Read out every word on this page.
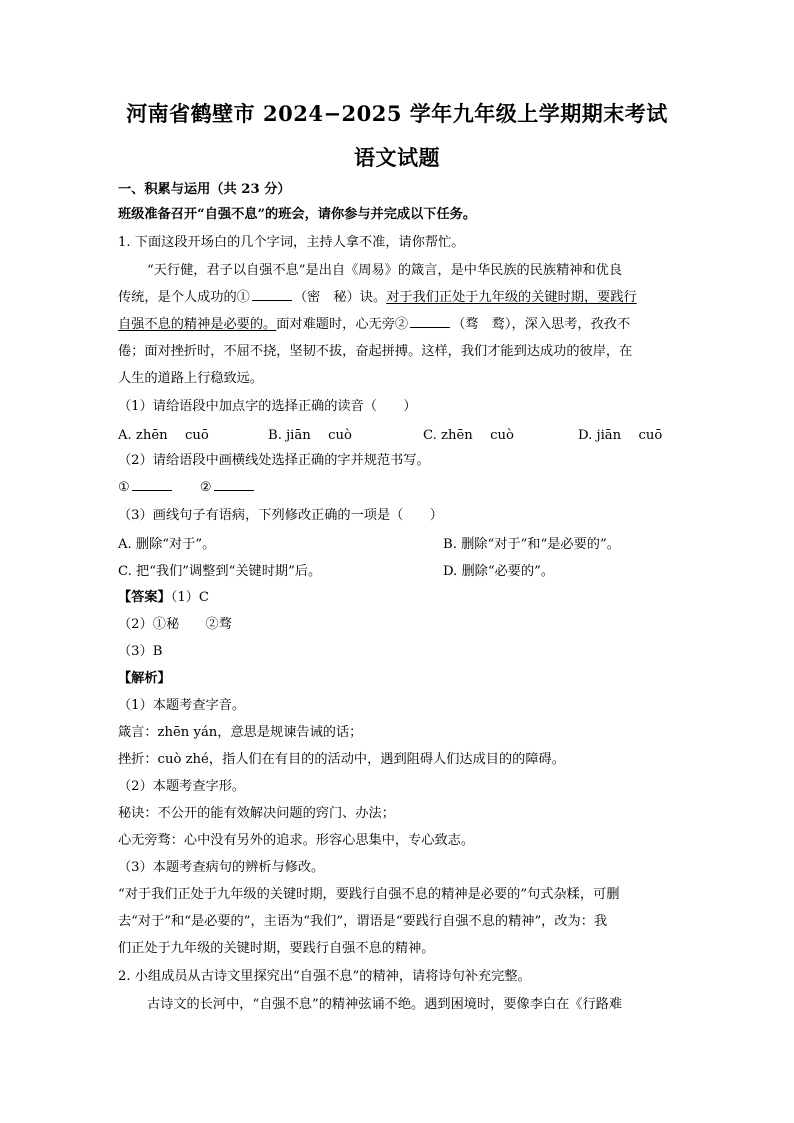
河南省鹤壁市 2024−2025 学年九年级上学期期末考试
语文试题
一、积累与运用（共 23 分）
班级准备召开“自强不息”的班会，请你参与并完成以下任务。
1. 下面这段开场白的几个字词，主持人拿不准，请你帮忙。
“天行健，君子以自强不息”是出自《周易》的箴言，是中华民族的民族精神和优良
传统，是个人成功的①	（密　秘）诀。对于我们正处于九年级的关键时期，要践行
自强不息的精神是必要的。面对难题时，心无旁②	（骛　鹜），深入思考，孜孜不
倦；面对挫折时，不屈不挠，坚韧不拔，奋起拼搏。这样，我们才能到达成功的彼岸，在
人生的道路上行稳致远。
（1）请给语段中加点字的选择正确的读音（　　）
A. zhēn　 cuō	B. jiān　 cuò	C. zhēn　 cuò	D. jiān　 cuō
（2）请给语段中画横线处选择正确的字并规范书写。
①	②
（3）画线句子有语病，下列修改正确的一项是（　　）
A. 删除“对于”。	B. 删除“对于”和“是必要的”。
C. 把“我们”调整到“关键时期”后。	D. 删除“必要的”。
【答案】（1）C
（2）①秘　　②骛
（3）B
【解析】
（1）本题考查字音。
箴言：zhēn yán，意思是规谏告诫的话；
挫折：cuò zhé，指人们在有目的的活动中，遇到阻碍人们达成目的的障碍。
（2）本题考查字形。
秘诀：不公开的能有效解决问题的窍门、办法；
心无旁骛：心中没有另外的追求。形容心思集中，专心致志。
（3）本题考查病句的辨析与修改。
“对于我们正处于九年级的关键时期，要践行自强不息的精神是必要的”句式杂糅，可删
去“对于”和“是必要的”，主语为“我们”，谓语是“要践行自强不息的精神”，改为：我
们正处于九年级的关键时期，要践行自强不息的精神。
2. 小组成员从古诗文里探究出“自强不息”的精神，请将诗句补充完整。
古诗文的长河中，“自强不息”的精神弦诵不绝。遇到困境时，要像李白在《行路难
